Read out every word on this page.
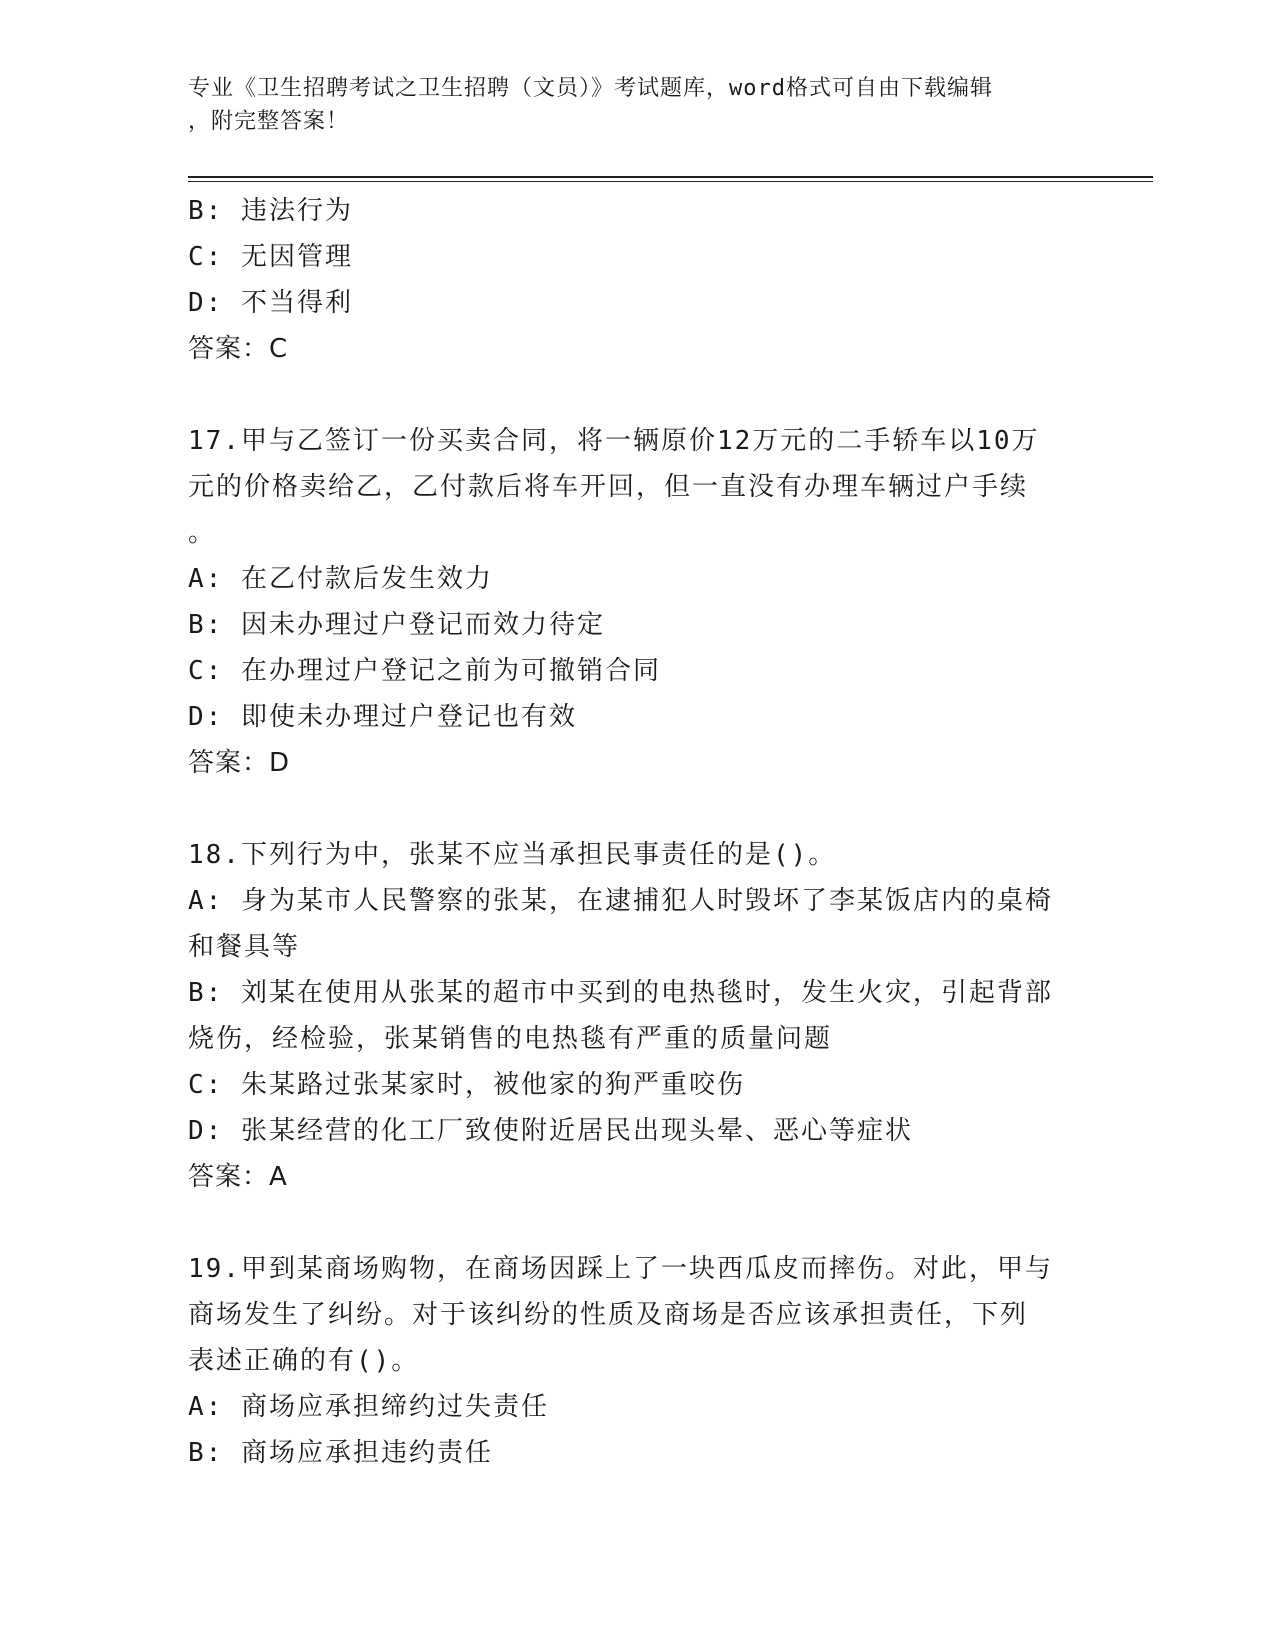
专业《卫生招聘考试之卫生招聘（文员）》考试题库，word格式可自由下载编辑
，附完整答案！
B: 违法行为
C: 无因管理
D: 不当得利
答案：C
17.甲与乙签订一份买卖合同，将一辆原价12万元的二手轿车以10万
元的价格卖给乙，乙付款后将车开回，但一直没有办理车辆过户手续
。
A: 在乙付款后发生效力
B: 因未办理过户登记而效力待定
C: 在办理过户登记之前为可撤销合同
D: 即使未办理过户登记也有效
答案：D
18.下列行为中，张某不应当承担民事责任的是()。
A: 身为某市人民警察的张某，在逮捕犯人时毁坏了李某饭店内的桌椅
和餐具等
B: 刘某在使用从张某的超市中买到的电热毯时，发生火灾，引起背部
烧伤，经检验，张某销售的电热毯有严重的质量问题
C: 朱某路过张某家时，被他家的狗严重咬伤
D: 张某经营的化工厂致使附近居民出现头晕、恶心等症状
答案：A
19.甲到某商场购物，在商场因踩上了一块西瓜皮而摔伤。对此，甲与
商场发生了纠纷。对于该纠纷的性质及商场是否应该承担责任，下列
表述正确的有()。
A: 商场应承担缔约过失责任
B: 商场应承担违约责任
